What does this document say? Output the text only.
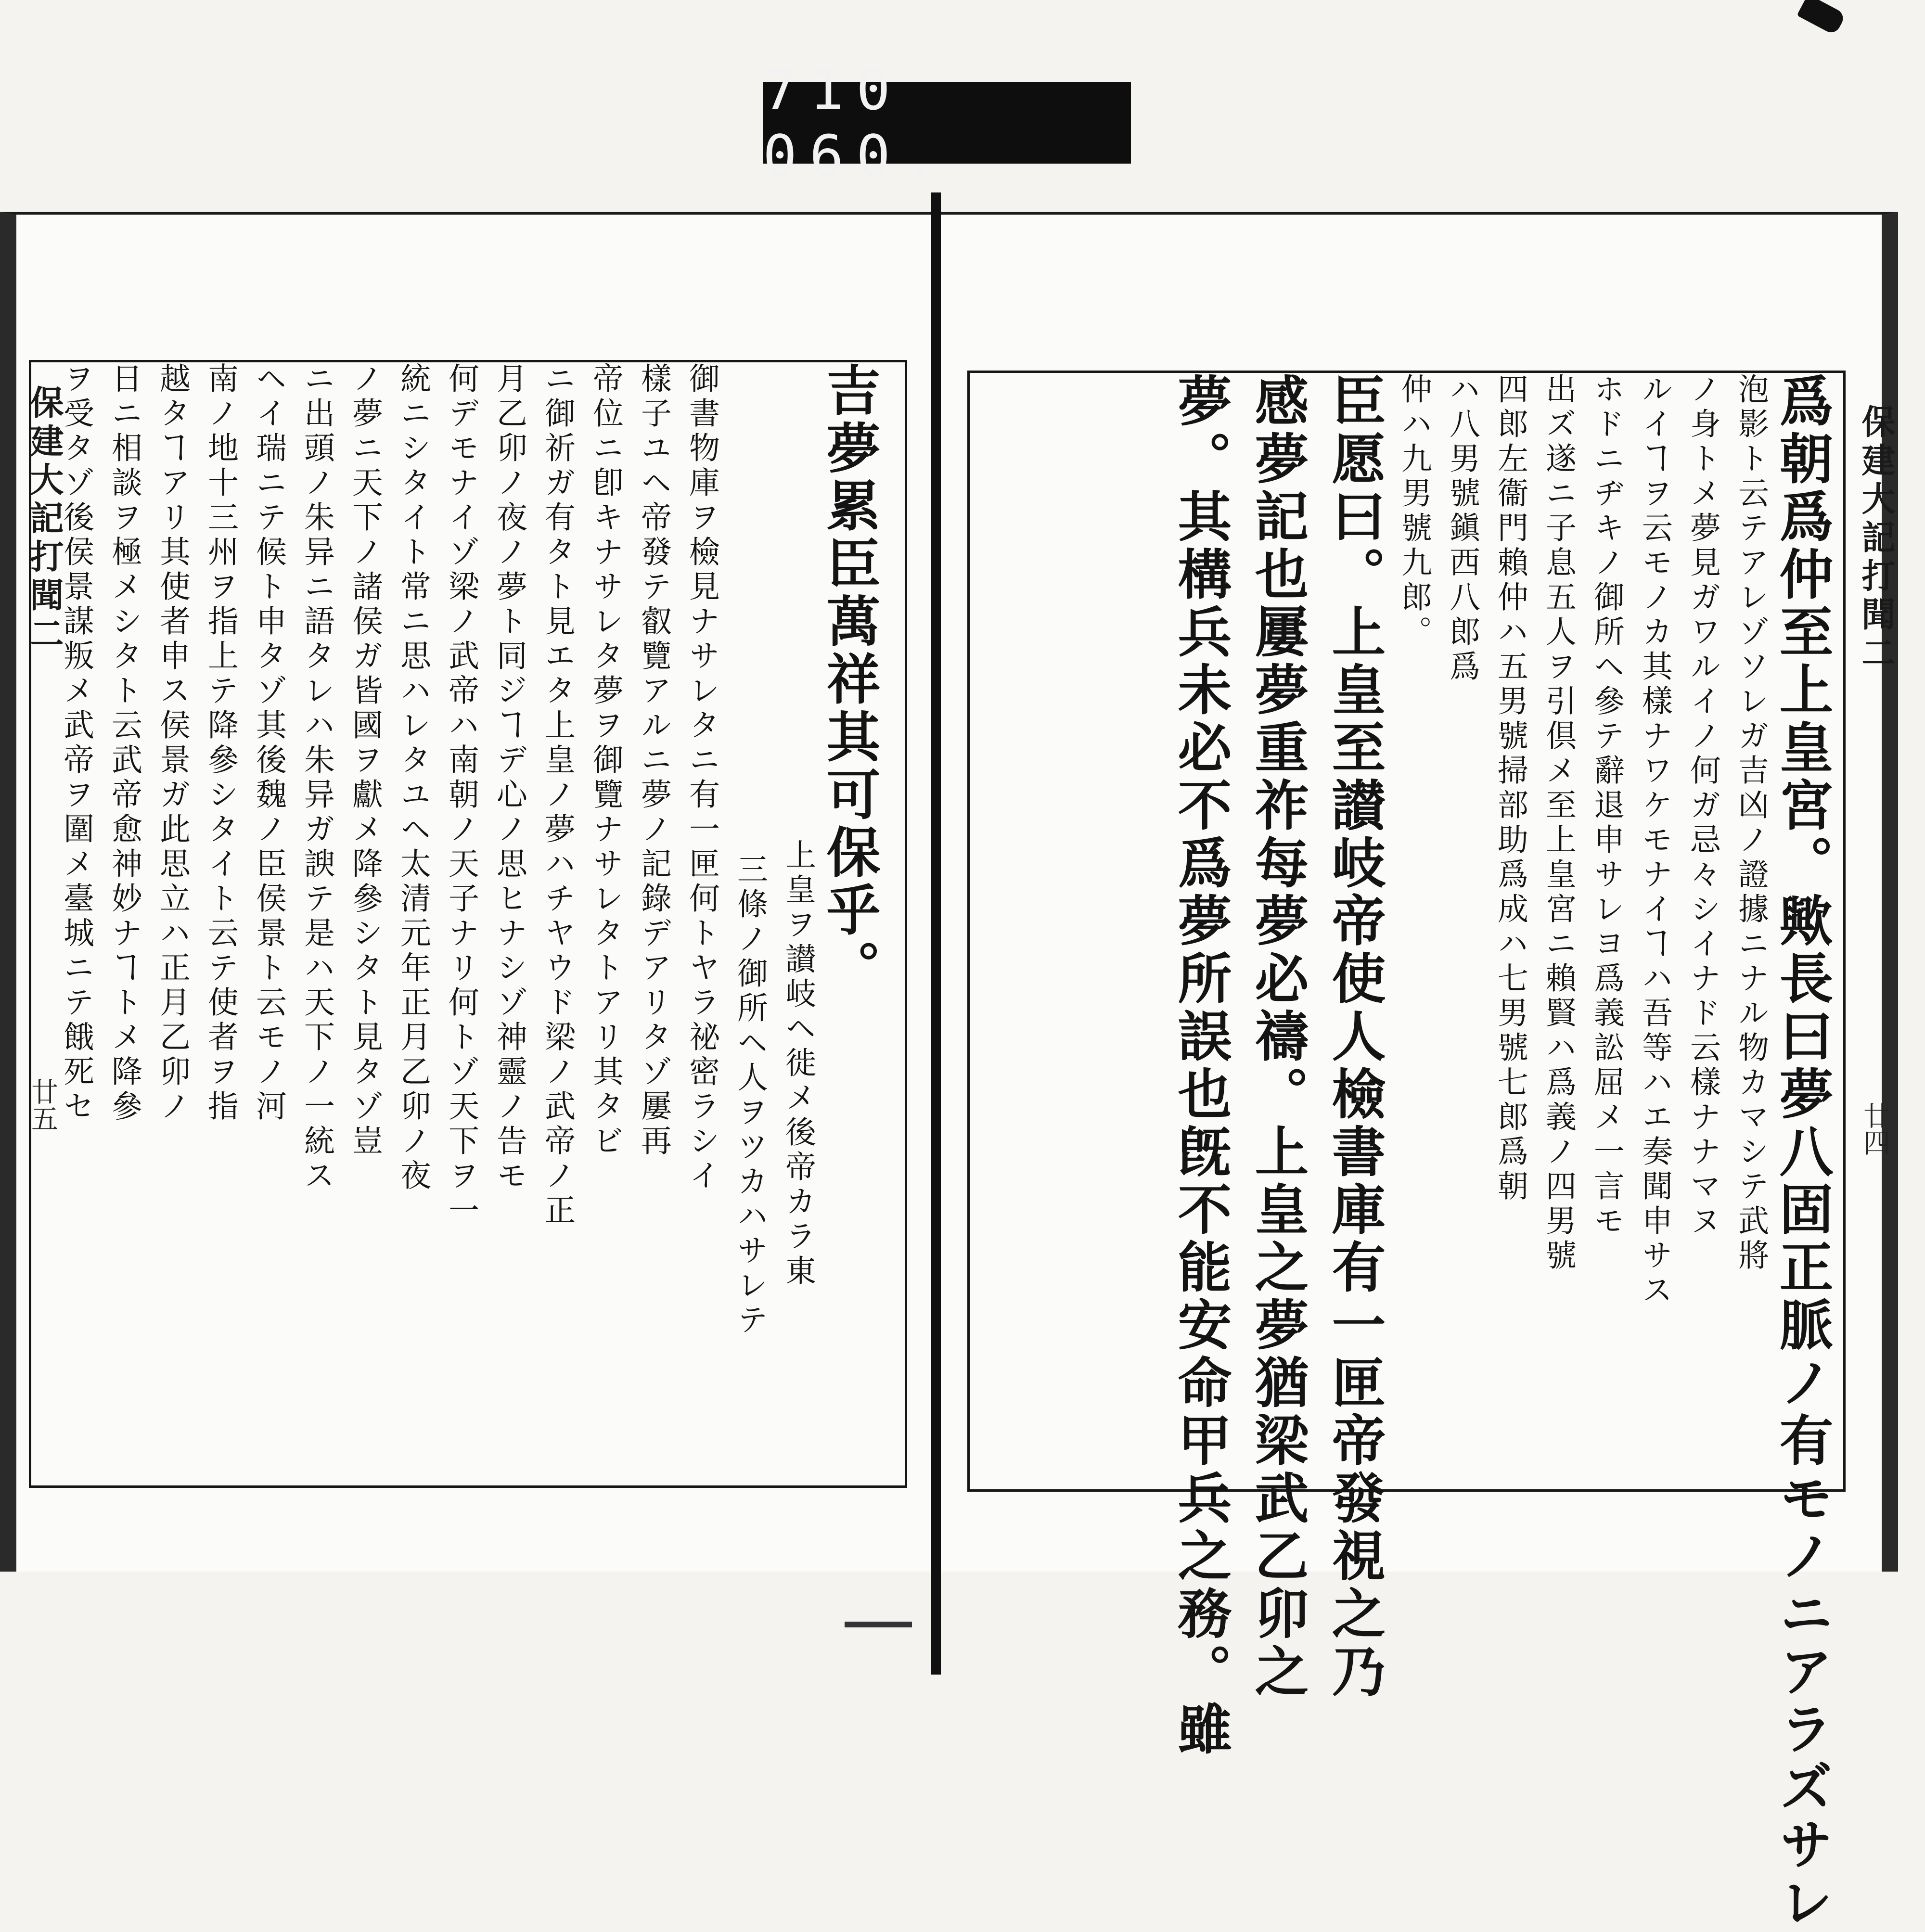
710 060.
吉夢累臣萬祥其可保乎。
上皇ヲ讃岐ヘ徙メ後帝カラ東
三條ノ御所ヘ人ヲツカハサレテ
御書物庫ヲ檢見ナサレタニ有一匣何トヤラ祕密ラシイ
樣子ユヘ帝發テ叡覽アルニ夢ノ記錄デアリタゾ屢再
帝位ニ卽キナサレタ夢ヲ御覽ナサレタトアリ其タビ
ニ御祈ガ有タト見エタ上皇ノ夢ハチヤウド梁ノ武帝ノ正
月乙卯ノ夜ノ夢ト同ジヿデ心ノ思ヒナシゾ神靈ノ告モ
何デモナイゾ梁ノ武帝ハ南朝ノ天子ナリ何トゾ天下ヲ一
統ニシタイト常ニ思ハレタユヘ太清元年正月乙卯ノ夜
ノ夢ニ天下ノ諸侯ガ皆國ヲ獻メ降參シタト見タゾ豈
ニ出頭ノ朱异ニ語タレハ朱异ガ諛テ是ハ天下ノ一統ス
ヘイ瑞ニテ候ト申タゾ其後魏ノ臣侯景ト云モノ河
南ノ地十三州ヲ指上テ降參シタイト云テ使者ヲ指
越タヿアリ其使者申ス侯景ガ此思立ハ正月乙卯ノ
日ニ相談ヲ極メシタト云武帝愈神妙ナヿトメ降參
ヲ受タゾ後侯景謀叛メ武帝ヲ圍メ臺城ニテ餓死セ
保建大記打聞二
廿五	爲朝爲仲至上皇宮。歟長曰夢八固正脈ノ有モノニアラズサレ
泡影ト云テアレゾソレガ吉凶ノ證據ニナル物カマシテ武將
ノ身トメ夢見ガワルイノ何ガ忌々シイナド云樣ナナマヌ
ルイヿヲ云モノカ其樣ナワケモナイヿハ吾等ハエ奏聞申サス
ホドニヂキノ御所ヘ參テ辭退申サレヨ爲義訟屈メ一言モ
出ズ遂ニ子息五人ヲ引倶メ至上皇宮ニ賴賢ハ爲義ノ四男號
四郎左衞門賴仲ハ五男號掃部助爲成ハ七男號七郎爲朝
ハ八男號鎭西八郎爲
仲ハ九男號九郎。
臣愿曰。上皇至讃岐帝使人檢書庫有一匣帝發視之乃
感夢記也屢夢重祚每夢必禱。上皇之夢猶梁武乙卯之
夢。其構兵未必不爲夢所誤也旣不能安命甲兵之務。雖	保建大記打聞二
廿四
